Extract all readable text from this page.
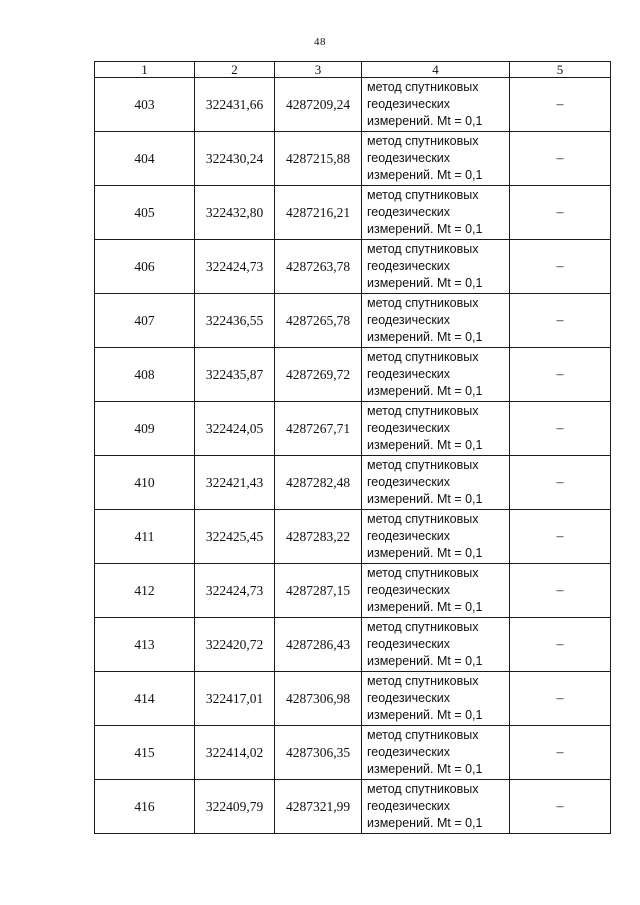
48
1	2	3	4	5
403	322431,66	4287209,24	метод спутниковых
геодезических
измерений. Mt = 0,1	–
404	322430,24	4287215,88	метод спутниковых
геодезических
измерений. Mt = 0,1	–
405	322432,80	4287216,21	метод спутниковых
геодезических
измерений. Mt = 0,1	–
406	322424,73	4287263,78	метод спутниковых
геодезических
измерений. Mt = 0,1	–
407	322436,55	4287265,78	метод спутниковых
геодезических
измерений. Mt = 0,1	–
408	322435,87	4287269,72	метод спутниковых
геодезических
измерений. Mt = 0,1	–
409	322424,05	4287267,71	метод спутниковых
геодезических
измерений. Mt = 0,1	–
410	322421,43	4287282,48	метод спутниковых
геодезических
измерений. Mt = 0,1	–
411	322425,45	4287283,22	метод спутниковых
геодезических
измерений. Mt = 0,1	–
412	322424,73	4287287,15	метод спутниковых
геодезических
измерений. Mt = 0,1	–
413	322420,72	4287286,43	метод спутниковых
геодезических
измерений. Mt = 0,1	–
414	322417,01	4287306,98	метод спутниковых
геодезических
измерений. Mt = 0,1	–
415	322414,02	4287306,35	метод спутниковых
геодезических
измерений. Mt = 0,1	–
416	322409,79	4287321,99	метод спутниковых
геодезических
измерений. Mt = 0,1	–
